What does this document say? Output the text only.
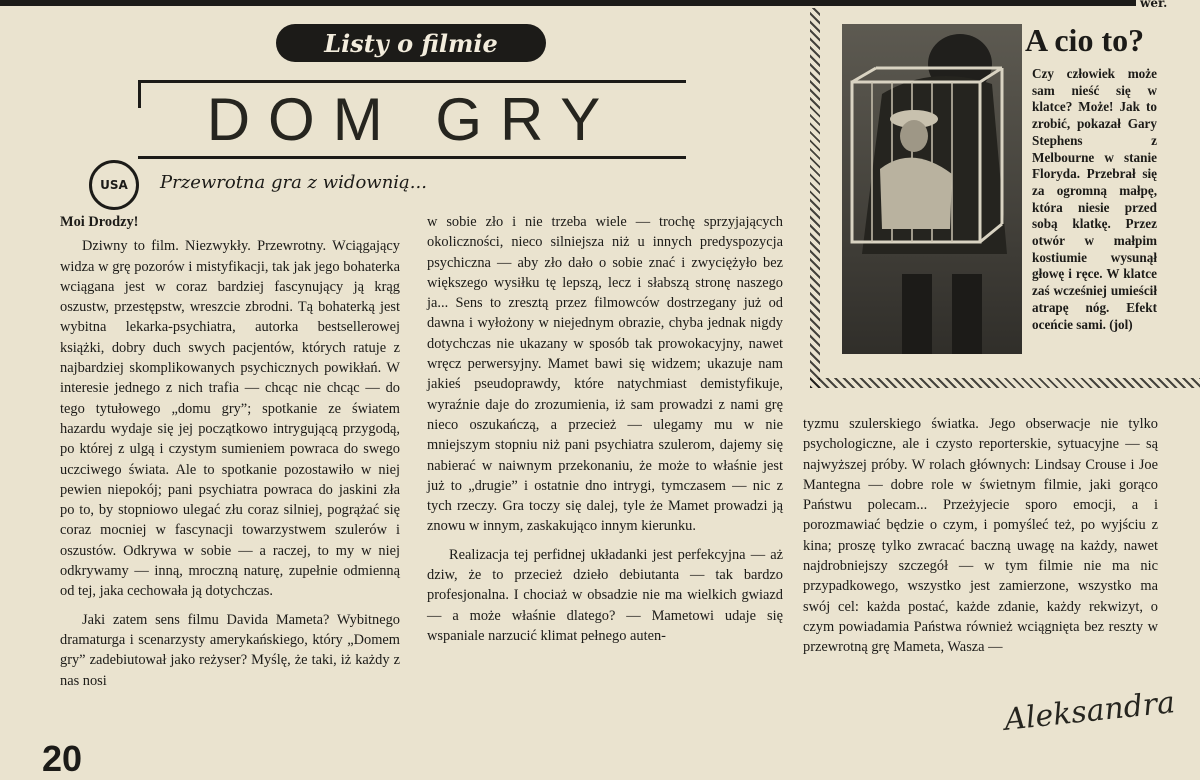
wer.
Listy o filmie
DOM GRY
USA Przewrotna gra z widownią...

Moi Drodzy!

Dziwny to film. Niezwykły. Przewrotny. Wciągający widza w grę pozorów i mistyfikacji, tak jak jego bohaterka wciągana jest w coraz bardziej fascynujący ją krąg oszustw, przestępstw, wreszcie zbrodni. Tą bohaterką jest wybitna lekarka-psychiatra, autorka bestsellerowej książki, dobry duch swych pacjentów, których ratuje z najbardziej skomplikowanych psychicznych powikłań. W interesie jednego z nich trafia — chcąc nie chcąc — do tego tytułowego „domu gry”; spotkanie ze światem hazardu wydaje się jej początkowo intrygującą przygodą, po której z ulgą i czystym sumieniem powraca do swego uczciwego świata. Ale to spotkanie pozostawiło w niej pewien niepokój; pani psychiatra powraca do jaskini zła po to, by stopniowo ulegać złu coraz silniej, pogrążać się coraz mocniej w fascynacji towarzystwem szulerów i oszustów. Odkrywa w sobie — a raczej, to my w niej odkrywamy — inną, mroczną naturę, zupełnie odmienną od tej, jaka cechowała ją dotychczas.

Jaki zatem sens filmu Davida Mameta? Wybitnego dramaturga i scenarzysty amerykańskiego, który „Domem gry” zadebiutował jako reżyser? Myślę, że taki, iż każdy z nas nosi

w sobie zło i nie trzeba wiele — trochę sprzyjających okoliczności, nieco silniejsza niż u innych predyspozycja psychiczna — aby zło dało o sobie znać i zwyciężyło bez większego wysiłku tę lepszą, lecz i słabszą stronę naszego ja... Sens to zresztą przez filmowców dostrzegany już od dawna i wyłożony w niejednym obrazie, chyba jednak nigdy dotychczas nie ukazany w sposób tak prowokacyjny, nawet wręcz perwersyjny. Mamet bawi się widzem; ukazuje nam jakieś pseudoprawdy, które natychmiast demistyfikuje, wyraźnie daje do zrozumienia, iż sam prowadzi z nami grę nieco oszukańczą, a przecież — ulegamy mu w nie mniejszym stopniu niż pani psychiatra szulerom, dajemy się nabierać w naiwnym przekonaniu, że może to właśnie jest już to „drugie” i ostatnie dno intrygi, tymczasem — nic z tych rzeczy. Gra toczy się dalej, tyle że Mamet prowadzi ją znowu w innym, zaskakująco innym kierunku.

Realizacja tej perfidnej układanki jest perfekcyjna — aż dziw, że to przecież dzieło debiutanta — tak bardzo profesjonalna. I chociaż w obsadzie nie ma wielkich gwiazd — a może właśnie dlatego? — Mametowi udaje się wspaniale narzucić klimat pełnego auten-

tyzmu szulerskiego światka. Jego obserwacje nie tylko psychologiczne, ale i czysto reporterskie, sytuacyjne — są najwyższej próby. W rolach głównych: Lindsay Crouse i Joe Mantegna — dobre role w świetnym filmie, jaki gorąco Państwu polecam... Przeżyjecie sporo emocji, a i porozmawiać będzie o czym, i pomyśleć też, po wyjściu z kina; proszę tylko zwracać baczną uwagę na każdy, nawet najdrobniejszy szczegół — w tym filmie nie ma nic przypadkowego, wszystko jest zamierzone, wszystko ma swój cel: każda postać, każde zdanie, każdy rekwizyt, o czym powiadamia Państwa również wciągnięta bez reszty w przewrotną grę Mameta, Wasza —

Aleksandra
20
A cio to?
Czy człowiek może sam nieść się w klatce? Może! Jak to zrobić, pokazał Gary Stephens z Melbourne w stanie Floryda. Przebrał się za ogromną małpę, która niesie przed sobą klatkę. Przez otwór w małpim kostiumie wysunął głowę i ręce. W klatce zaś wcześniej umieścił atrapę nóg. Efekt oceńcie sami. (jol)
